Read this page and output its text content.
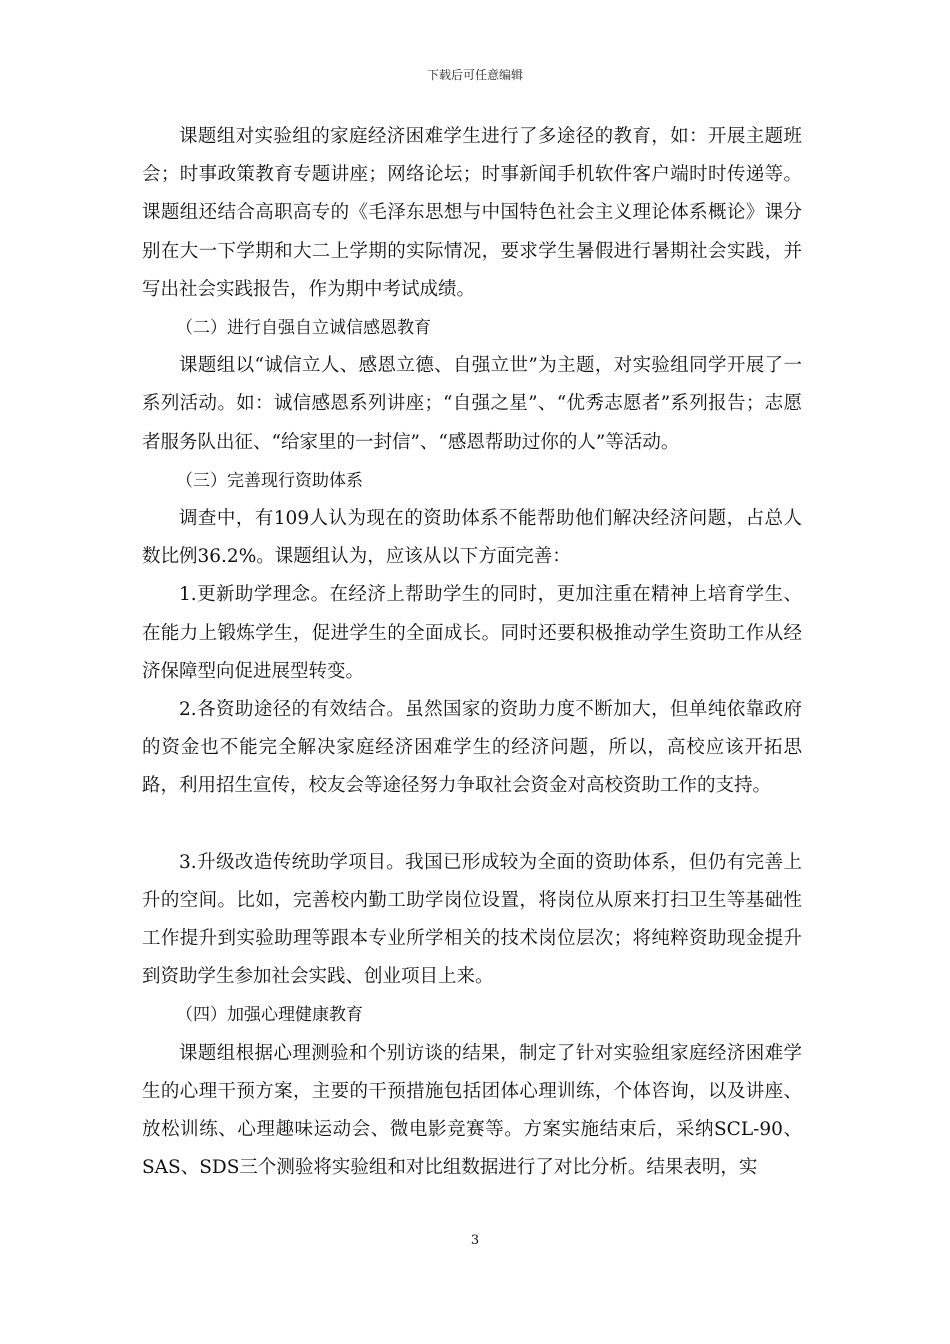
下载后可任意编辑

课题组对实验组的家庭经济困难学生进行了多途径的教育，如：开展主题班会；时事政策教育专题讲座；网络论坛；时事新闻手机软件客户端时时传递等。课题组还结合高职高专的《毛泽东思想与中国特色社会主义理论体系概论》课分别在大一下学期和大二上学期的实际情况，要求学生暑假进行暑期社会实践，并写出社会实践报告，作为期中考试成绩。

（二）进行自强自立诚信感恩教育

课题组以“诚信立人、感恩立德、自强立世”为主题，对实验组同学开展了一系列活动。如：诚信感恩系列讲座；“自强之星”、“优秀志愿者”系列报告；志愿者服务队出征、“给家里的一封信”、“感恩帮助过你的人”等活动。

（三）完善现行资助体系

调查中，有109人认为现在的资助体系不能帮助他们解决经济问题，占总人数比例36.2%。课题组认为，应该从以下方面完善：

1.更新助学理念。在经济上帮助学生的同时，更加注重在精神上培育学生、在能力上锻炼学生，促进学生的全面成长。同时还要积极推动学生资助工作从经济保障型向促进展型转变。

2.各资助途径的有效结合。虽然国家的资助力度不断加大，但单纯依靠政府的资金也不能完全解决家庭经济困难学生的经济问题，所以，高校应该开拓思路，利用招生宣传，校友会等途径努力争取社会资金对高校资助工作的支持。

3.升级改造传统助学项目。我国已形成较为全面的资助体系，但仍有完善上升的空间。比如，完善校内勤工助学岗位设置，将岗位从原来打扫卫生等基础性工作提升到实验助理等跟本专业所学相关的技术岗位层次；将纯粹资助现金提升到资助学生参加社会实践、创业项目上来。

（四）加强心理健康教育

课题组根据心理测验和个别访谈的结果，制定了针对实验组家庭经济困难学生的心理干预方案，主要的干预措施包括团体心理训练，个体咨询，以及讲座、放松训练、心理趣味运动会、微电影竞赛等。方案实施结束后，采纳SCL-90、SAS、SDS三个测验将实验组和对比组数据进行了对比分析。结果表明，实

3
